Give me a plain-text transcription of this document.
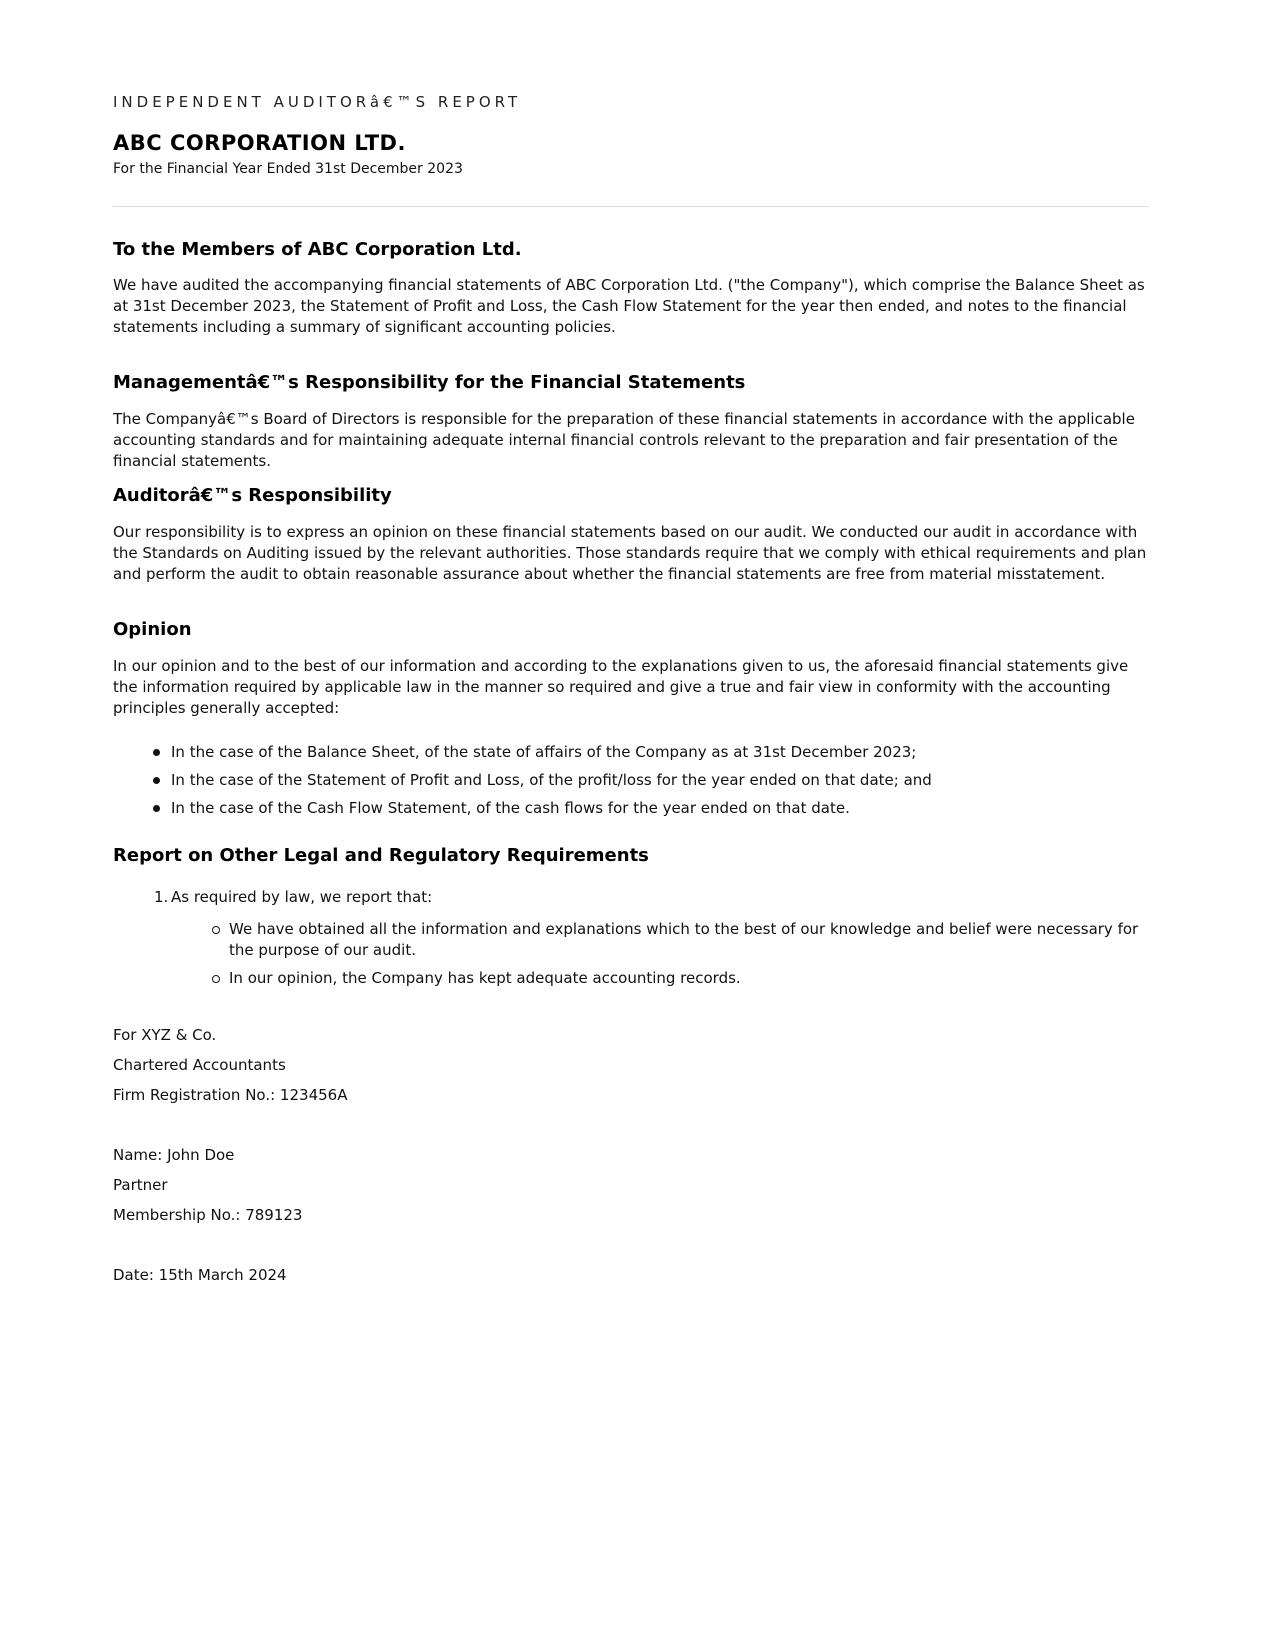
INDEPENDENT AUDITORâ€™S REPORT
ABC CORPORATION LTD.
For the Financial Year Ended 31st December 2023
To the Members of ABC Corporation Ltd.

We have audited the accompanying financial statements of ABC Corporation Ltd. ("the Company"), which comprise the Balance Sheet as at 31st December 2023, the Statement of Profit and Loss, the Cash Flow Statement for the year then ended, and notes to the financial statements including a summary of significant accounting policies.

Managementâ€™s Responsibility for the Financial Statements

The Companyâ€™s Board of Directors is responsible for the preparation of these financial statements in accordance with the applicable accounting standards and for maintaining adequate internal financial controls relevant to the preparation and fair presentation of the financial statements.

Auditorâ€™s Responsibility

Our responsibility is to express an opinion on these financial statements based on our audit. We conducted our audit in accordance with the Standards on Auditing issued by the relevant authorities. Those standards require that we comply with ethical requirements and plan and perform the audit to obtain reasonable assurance about whether the financial statements are free from material misstatement.

Opinion

In our opinion and to the best of our information and according to the explanations given to us, the aforesaid financial statements give the information required by applicable law in the manner so required and give a true and fair view in conformity with the accounting principles generally accepted:

In the case of the Balance Sheet, of the state of affairs of the Company as at 31st December 2023;
In the case of the Statement of Profit and Loss, of the profit/loss for the year ended on that date; and
In the case of the Cash Flow Statement, of the cash flows for the year ended on that date.
Report on Other Legal and Regulatory Requirements
1. As required by law, we report that:
We have obtained all the information and explanations which to the best of our knowledge and belief were necessary for the purpose of our audit.
In our opinion, the Company has kept adequate accounting records.
For XYZ & Co.
Chartered Accountants
Firm Registration No.: 123456A
Name: John Doe
Partner
Membership No.: 789123
Date: 15th March 2024
